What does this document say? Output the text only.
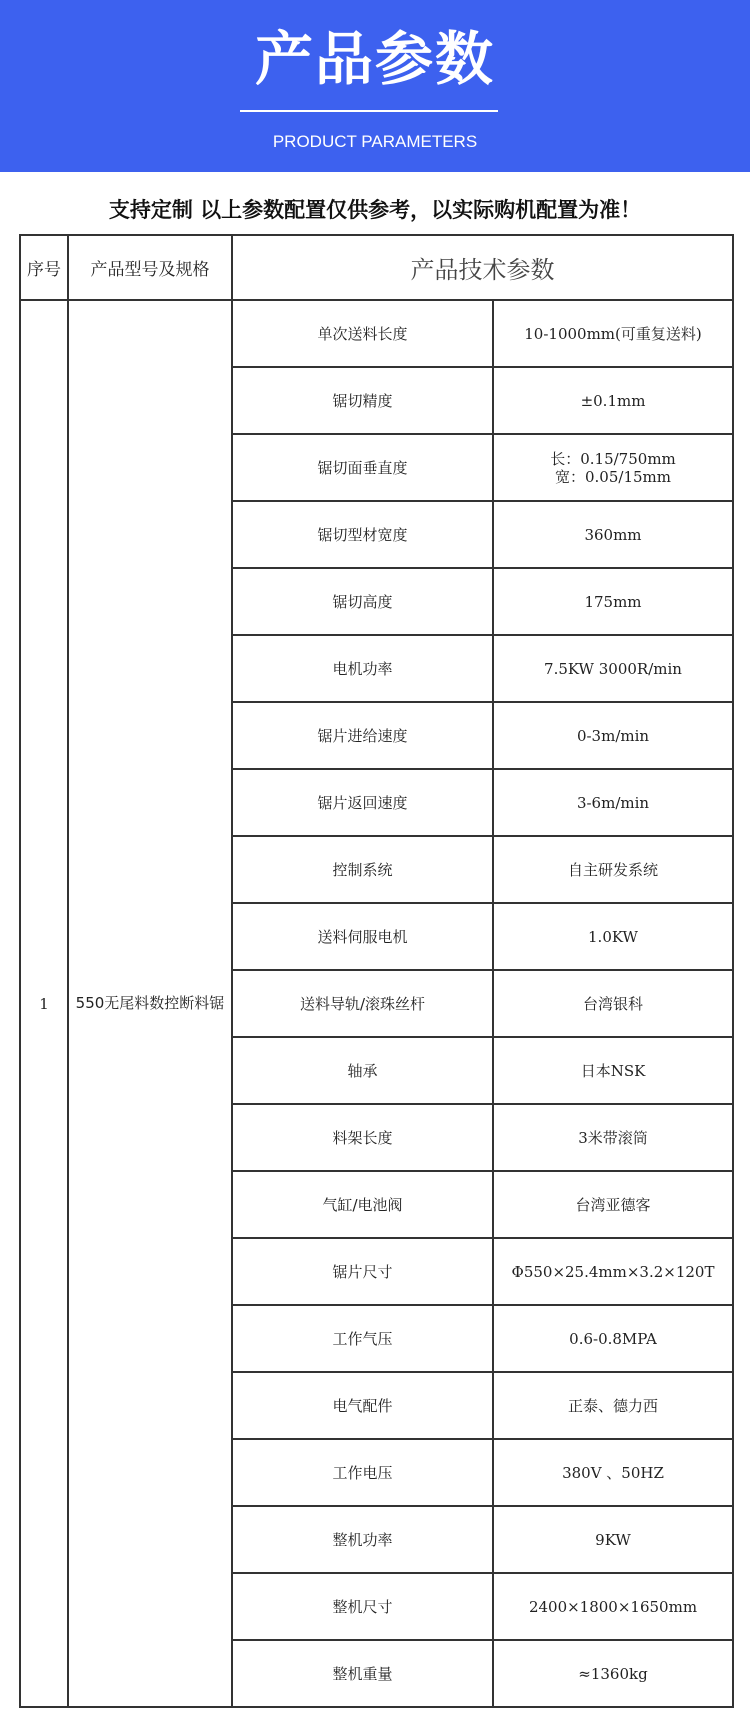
产品参数
PRODUCT PARAMETERS
支持定制 以上参数配置仅供参考，以实际购机配置为准！
序号	产品型号及规格	产品技术参数	
1	550无尾料数控断料锯	单次送料长度	10-1000mm(可重复送料)

		锯切精度	±0.1mm

		锯切面垂直度	长：0.15/750mm
宽：0.05/15mm

		锯切型材宽度	360mm

		锯切高度	175mm

		电机功率	7.5KW 3000R/min

		锯片进给速度	0-3m/min

		锯片返回速度	3-6m/min

		控制系统	自主研发系统

		送料伺服电机	1.0KW

		送料导轨/滚珠丝杆	台湾银科

		轴承	日本NSK

		料架长度	3米带滚筒

		气缸/电池阀	台湾亚德客

		锯片尺寸	Φ550×25.4mm×3.2×120T

		工作气压	0.6-0.8MPA

		电气配件	正泰、德力西

		工作电压	380V 、50HZ

		整机功率	9KW

		整机尺寸	2400×1800×1650mm

		整机重量	≈1360kg
